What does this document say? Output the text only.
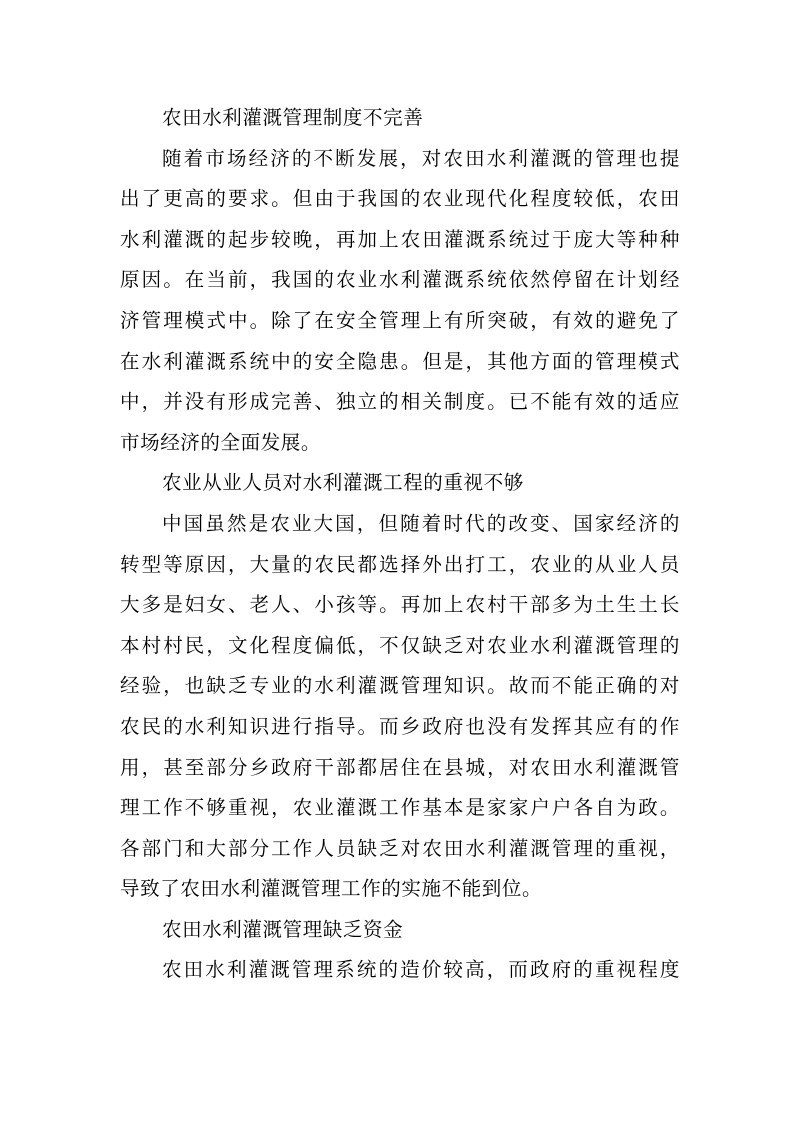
农田水利灌溉管理制度不完善
随着市场经济的不断发展，对农田水利灌溉的管理也提
出了更高的要求。但由于我国的农业现代化程度较低，农田
水利灌溉的起步较晚，再加上农田灌溉系统过于庞大等种种
原因。在当前，我国的农业水利灌溉系统依然停留在计划经
济管理模式中。除了在安全管理上有所突破，有效的避免了
在水利灌溉系统中的安全隐患。但是，其他方面的管理模式
中，并没有形成完善、独立的相关制度。已不能有效的适应
市场经济的全面发展。
农业从业人员对水利灌溉工程的重视不够
中国虽然是农业大国，但随着时代的改变、国家经济的
转型等原因，大量的农民都选择外出打工，农业的从业人员
大多是妇女、老人、小孩等。再加上农村干部多为土生土长
本村村民，文化程度偏低，不仅缺乏对农业水利灌溉管理的
经验，也缺乏专业的水利灌溉管理知识。故而不能正确的对
农民的水利知识进行指导。而乡政府也没有发挥其应有的作
用，甚至部分乡政府干部都居住在县城，对农田水利灌溉管
理工作不够重视，农业灌溉工作基本是家家户户各自为政。
各部门和大部分工作人员缺乏对农田水利灌溉管理的重视，
导致了农田水利灌溉管理工作的实施不能到位。
农田水利灌溉管理缺乏资金
农田水利灌溉管理系统的造价较高，而政府的重视程度
